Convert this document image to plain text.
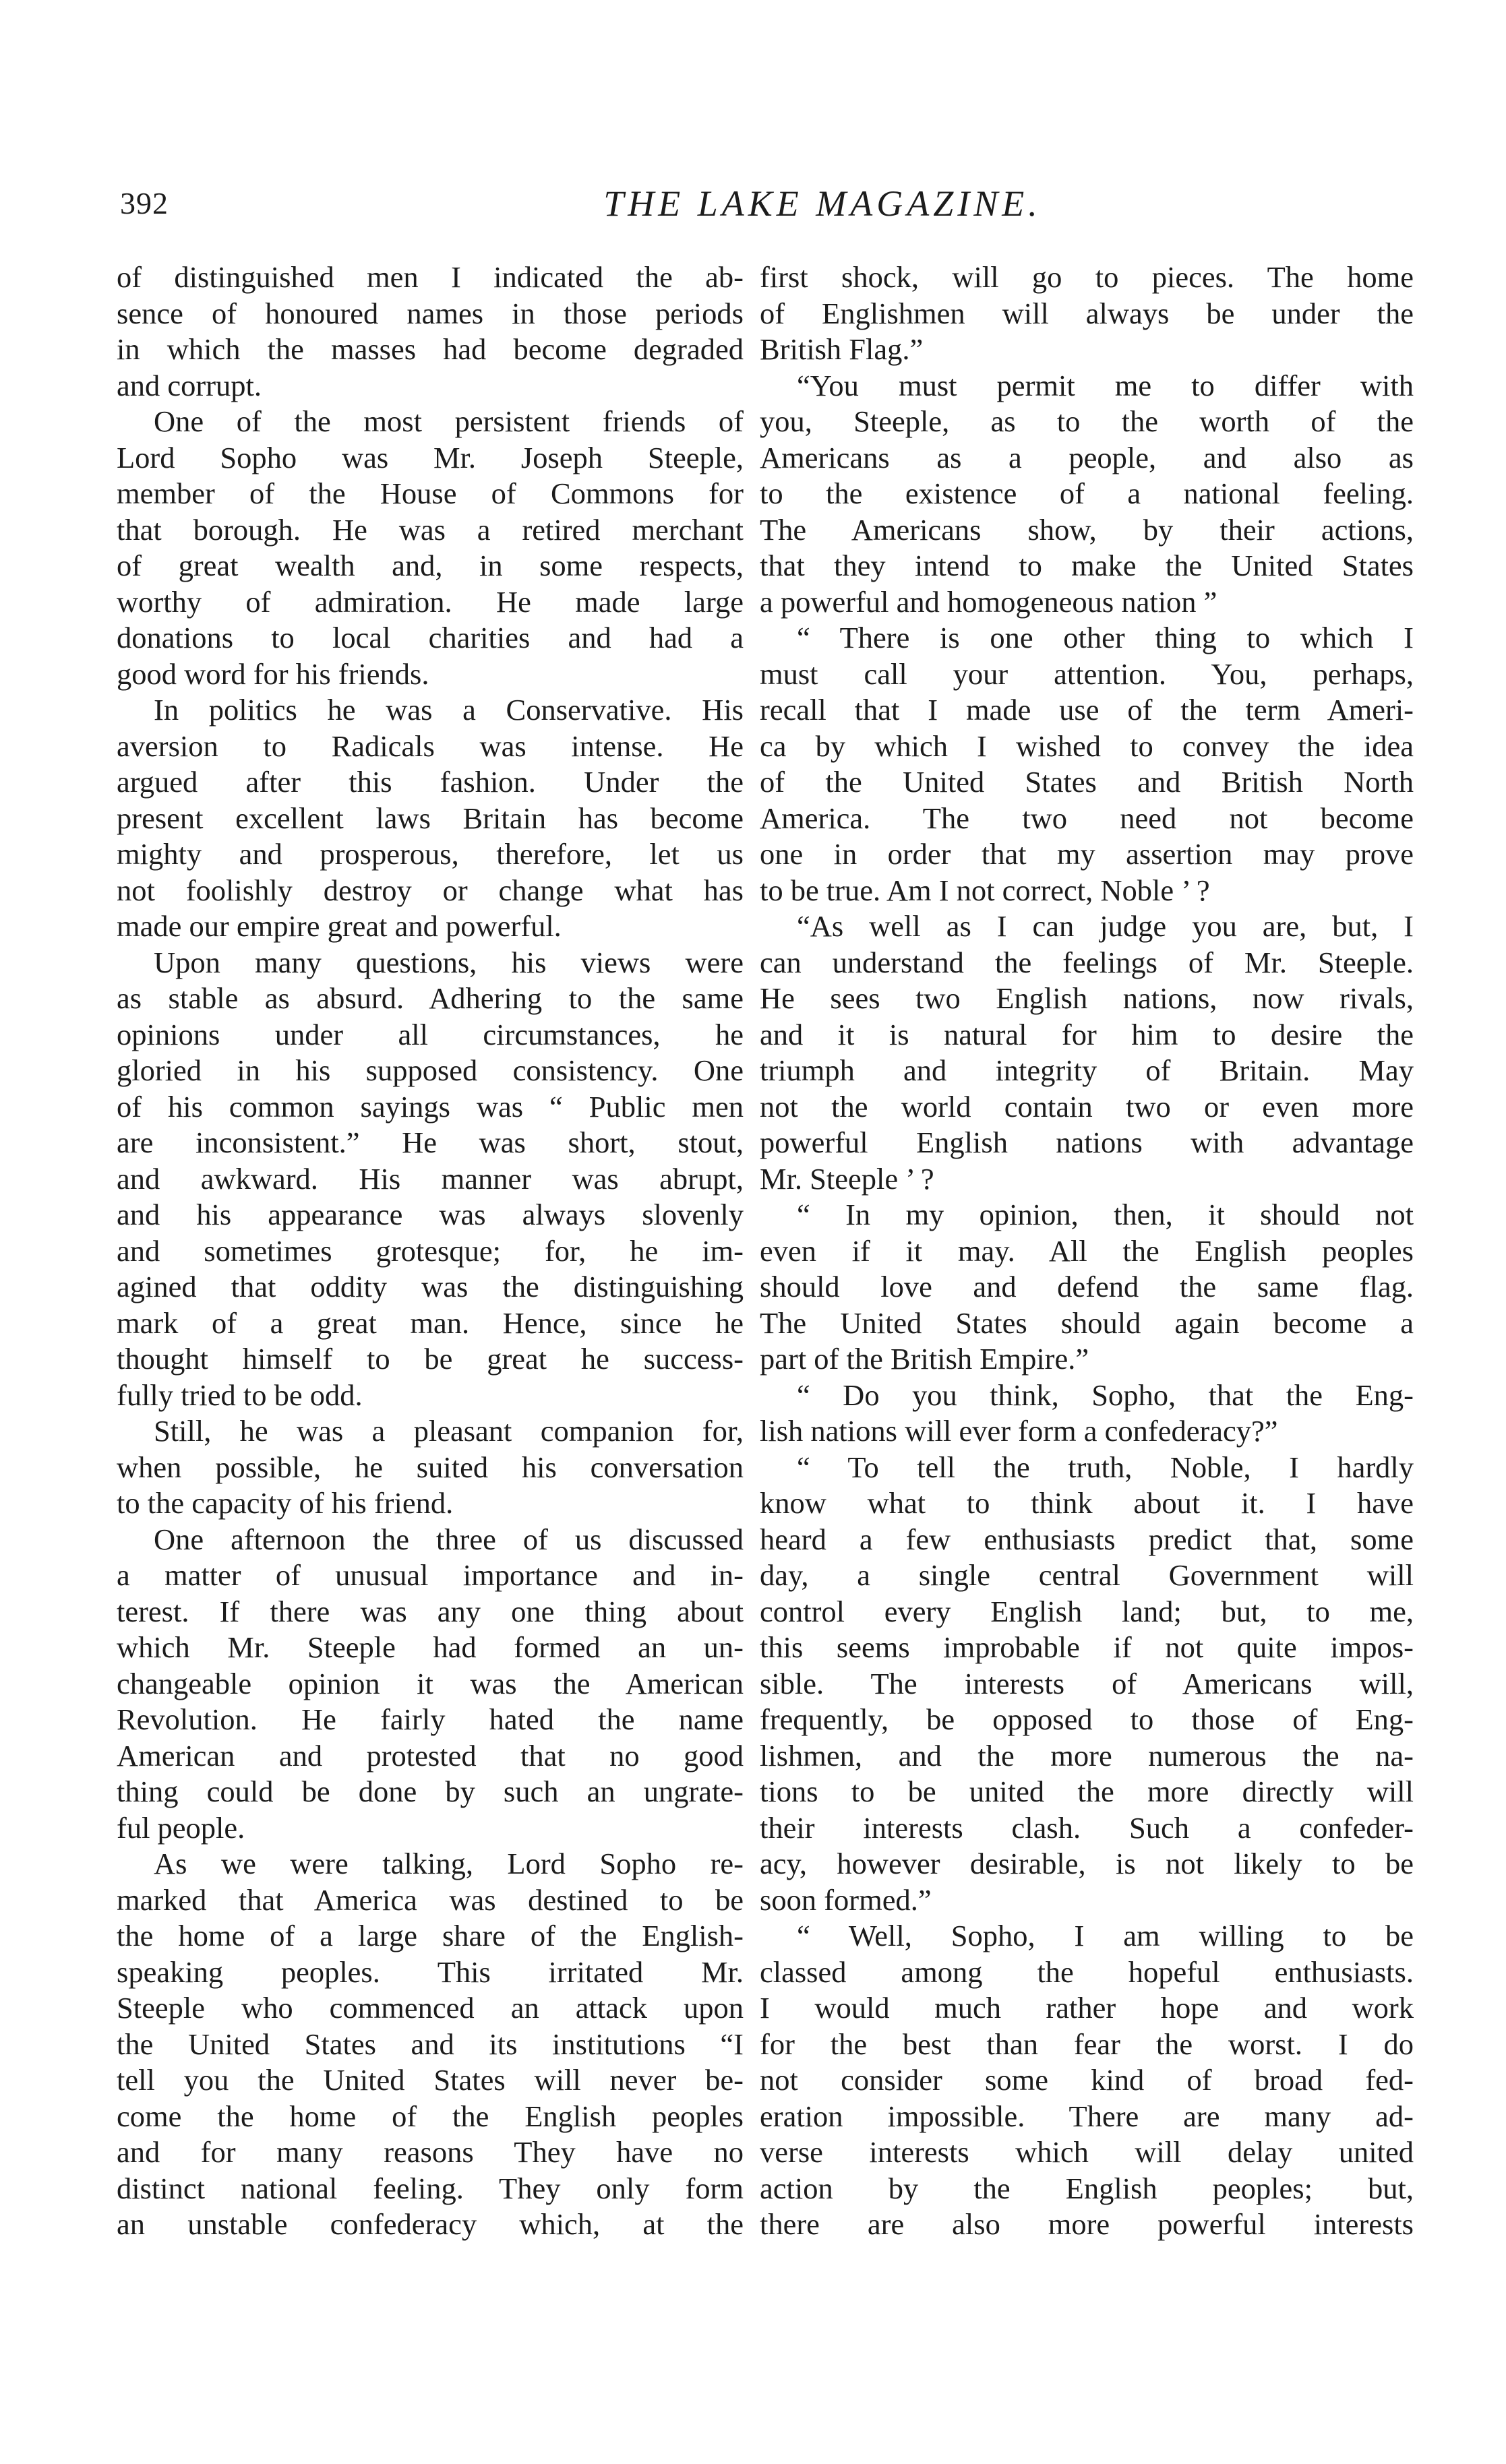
392	THE LAKE MAGAZINE.
of distinguished men I indicated the ab-
sence of honoured names in those periods
in which the masses had become degraded
and corrupt.
One of the most persistent friends of
Lord Sopho was Mr. Joseph Steeple,
member of the House of Commons for
that borough. He was a retired merchant
of great wealth and, in some respects,
worthy of admiration. He made large
donations to local charities and had a
good word for his friends.
In politics he was a Conservative. His
aversion to Radicals was intense. He
argued after this fashion. Under the
present excellent laws Britain has become
mighty and prosperous, therefore, let us
not foolishly destroy or change what has
made our empire great and powerful.
Upon many questions, his views were
as stable as absurd. Adhering to the same
opinions under all circumstances, he
gloried in his supposed consistency. One
of his common sayings was “ Public men
are inconsistent.” He was short, stout,
and awkward. His manner was abrupt,
and his appearance was always slovenly
and sometimes grotesque; for, he im-
agined that oddity was the distinguishing
mark of a great man. Hence, since he
thought himself to be great he success-
fully tried to be odd.
Still, he was a pleasant companion for,
when possible, he suited his conversation
to the capacity of his friend.
One afternoon the three of us discussed
a matter of unusual importance and in-
terest. If there was any one thing about
which Mr. Steeple had formed an un-
changeable opinion it was the American
Revolution. He fairly hated the name
American and protested that no good
thing could be done by such an ungrate-
ful people.
As we were talking, Lord Sopho re-
marked that America was destined to be
the home of a large share of the English-
speaking peoples. This irritated Mr.
Steeple who commenced an attack upon
the United States and its institutions “I
tell you the United States will never be-
come the home of the English peoples
and for many reasons They have no
distinct national feeling. They only form
an unstable confederacy which, at the
first shock, will go to pieces. The home
of Englishmen will always be under the
British Flag.”
“You must permit me to differ with
you, Steeple, as to the worth of the
Americans as a people, and also as
to the existence of a national feeling.
The Americans show, by their actions,
that they intend to make the United States
a powerful and homogeneous nation ”
“ There is one other thing to which I
must call your attention. You, perhaps,
recall that I made use of the term Ameri-
ca by which I wished to convey the idea
of the United States and British North
America. The two need not become
one in order that my assertion may prove
to be true. Am I not correct, Noble ’ ?
“As well as I can judge you are, but, I
can understand the feelings of Mr. Steeple.
He sees two English nations, now rivals,
and it is natural for him to desire the
triumph and integrity of Britain. May
not the world contain two or even more
powerful English nations with advantage
Mr. Steeple ’ ?
“ In my opinion, then, it should not
even if it may. All the English peoples
should love and defend the same flag.
The United States should again become a
part of the British Empire.”
“ Do you think, Sopho, that the Eng-
lish nations will ever form a confederacy?”
“ To tell the truth, Noble, I hardly
know what to think about it. I have
heard a few enthusiasts predict that, some
day, a single central Government will
control every English land; but, to me,
this seems improbable if not quite impos-
sible. The interests of Americans will,
frequently, be opposed to those of Eng-
lishmen, and the more numerous the na-
tions to be united the more directly will
their interests clash. Such a confeder-
acy, however desirable, is not likely to be
soon formed.”
“ Well, Sopho, I am willing to be
classed among the hopeful enthusiasts.
I would much rather hope and work
for the best than fear the worst. I do
not consider some kind of broad fed-
eration impossible. There are many ad-
verse interests which will delay united
action by the English peoples; but,
there are also more powerful interests
